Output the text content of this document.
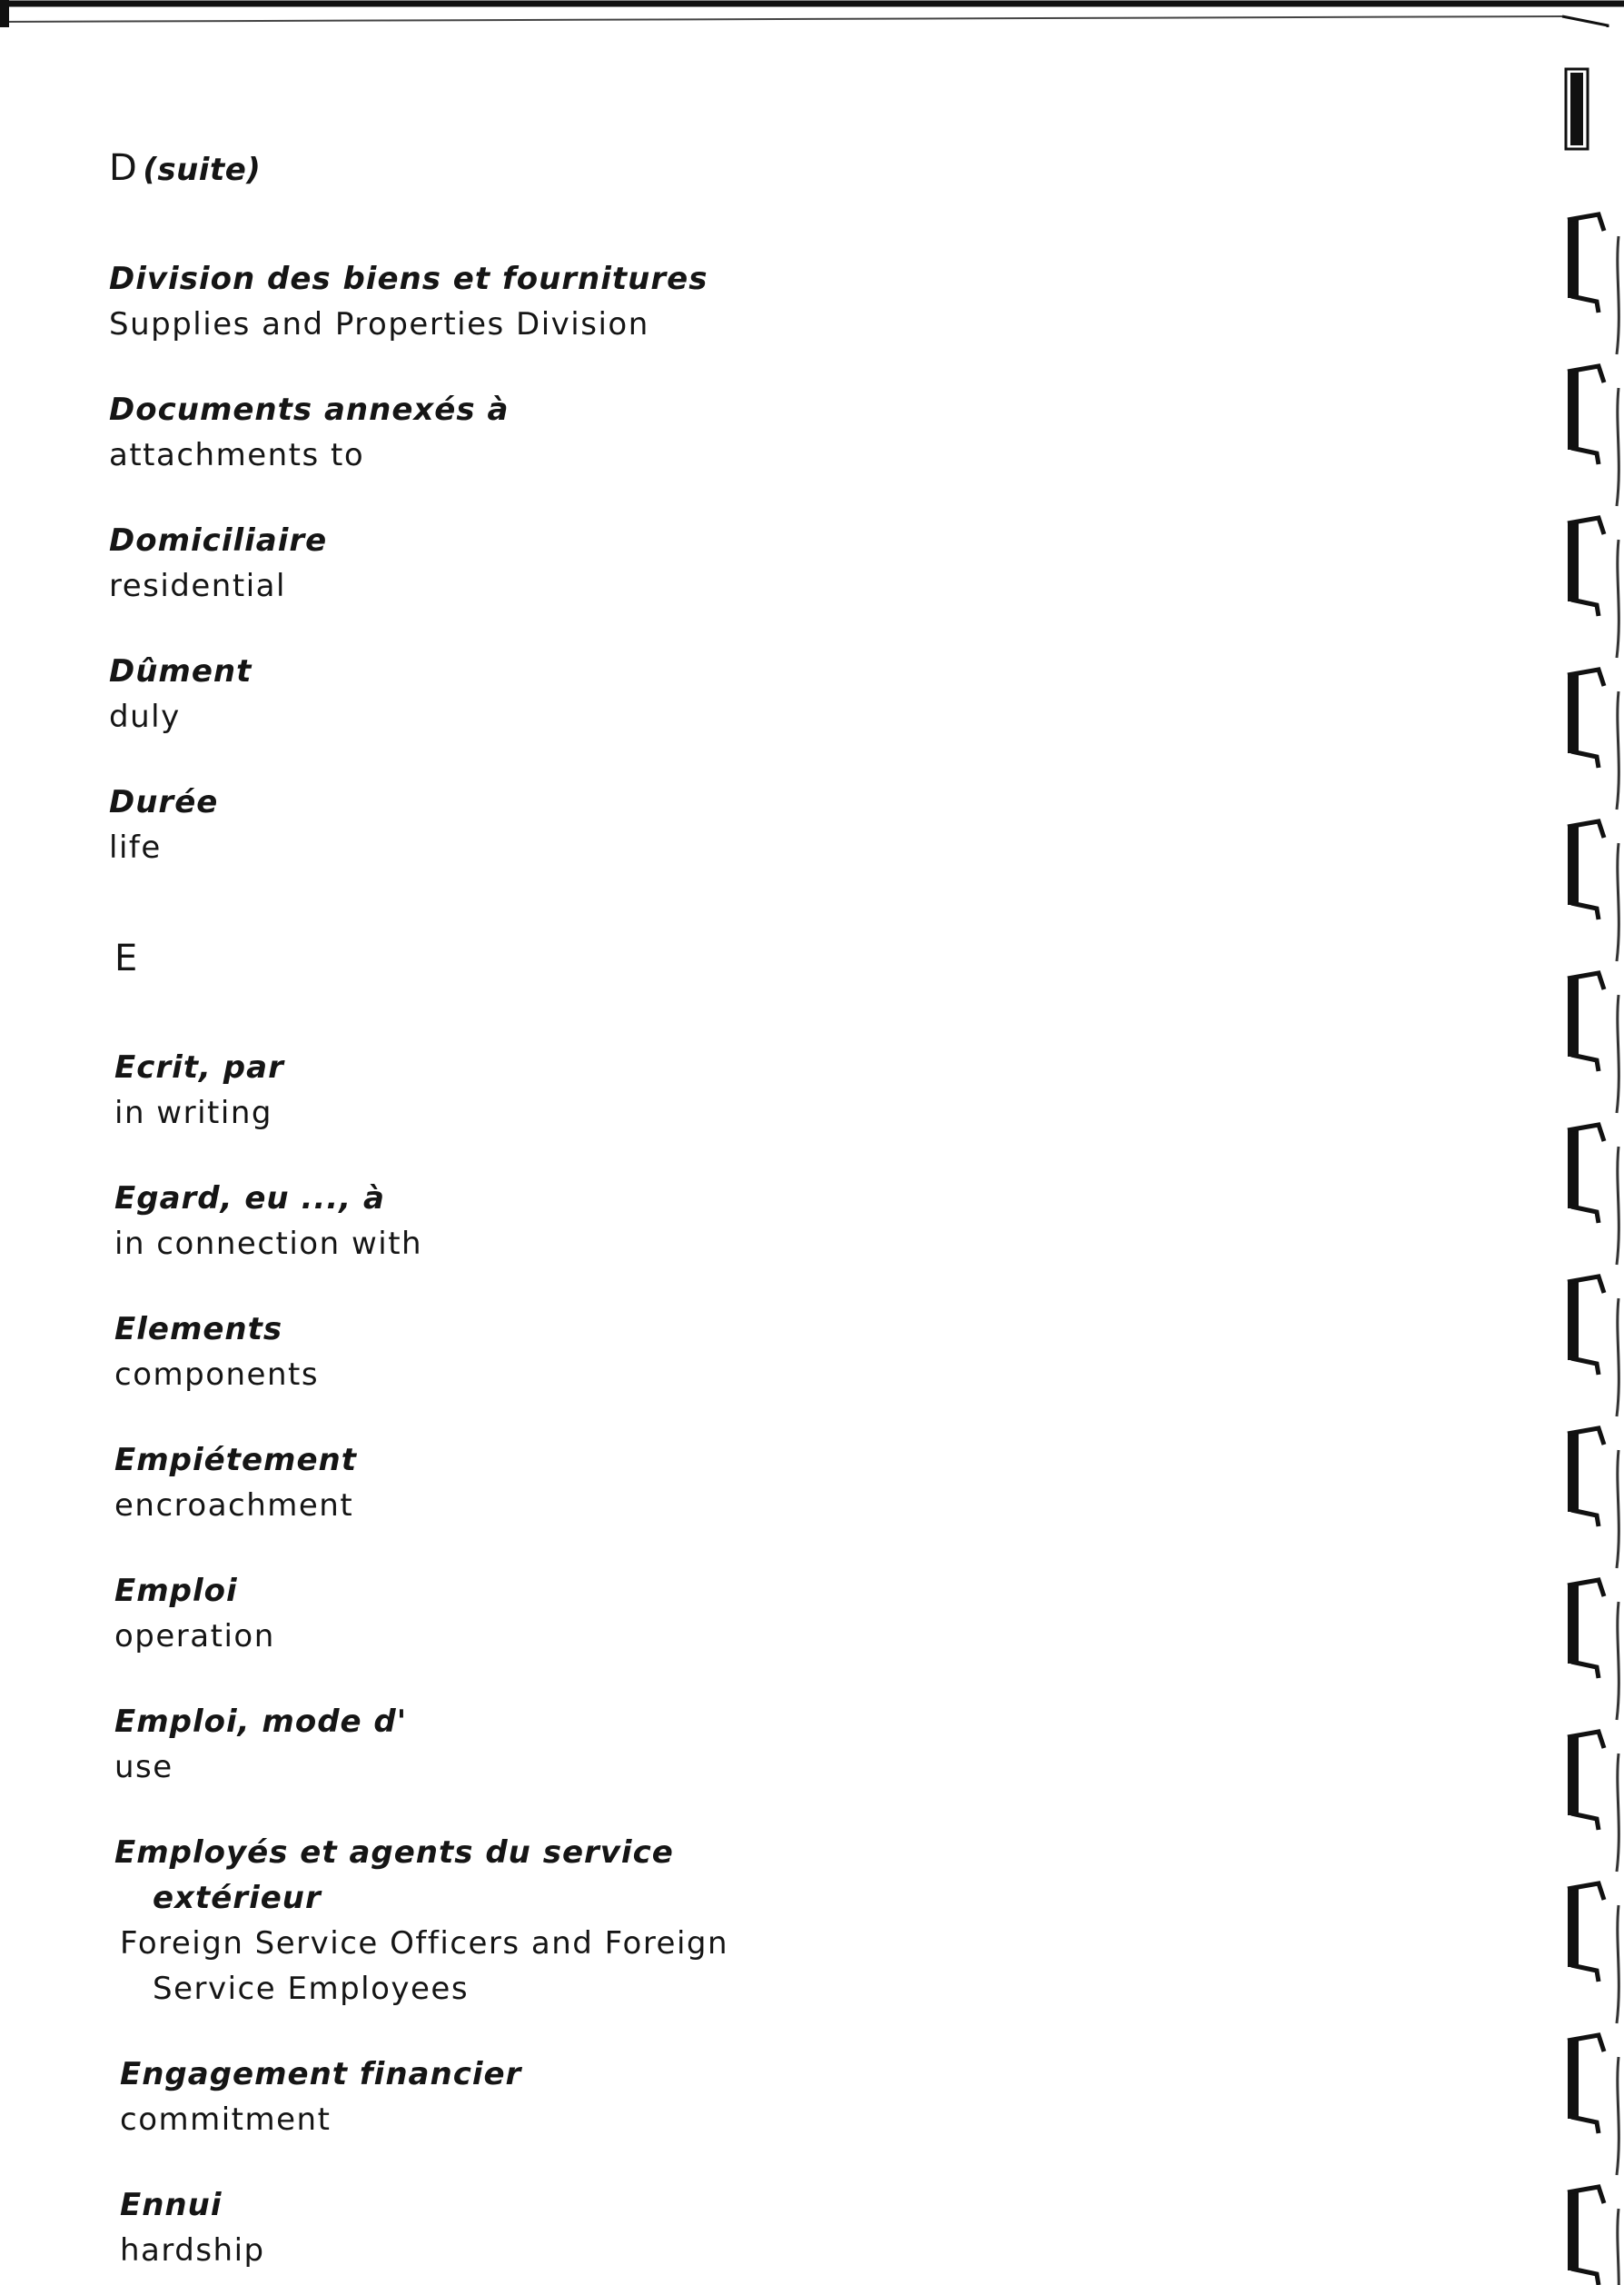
D (suite)
Division des biens et fournitures
Supplies and Properties Division
Documents annexés à
attachments to
Domiciliaire
residential
Dûment
duly
Durée
life
E
Ecrit, par
in writing
Egard, eu ..., à
in connection with
Elements
components
Empiétement
encroachment
Emploi
operation
Emploi, mode d'
use
Employés et agents du service
extérieur
Foreign Service Officers and Foreign
Service Employees
Engagement financier
commitment
Ennui
hardship
